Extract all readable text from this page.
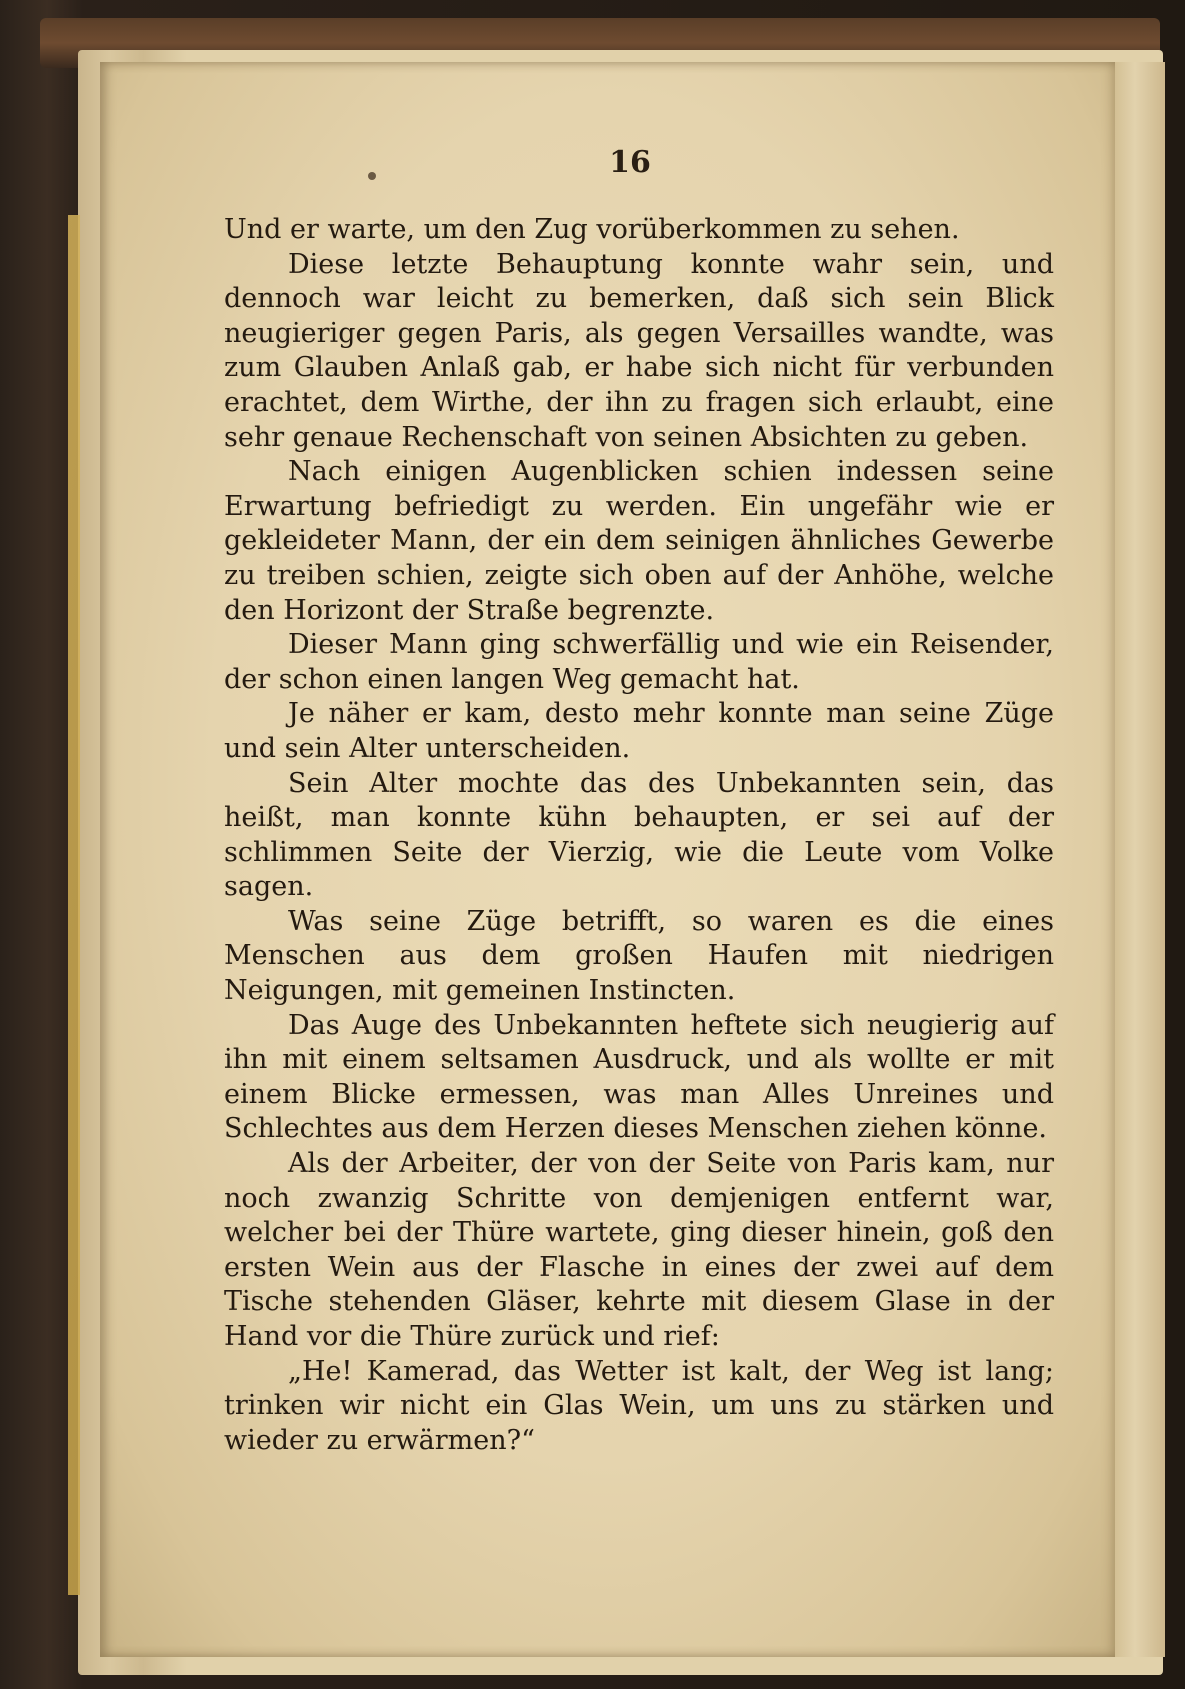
16

Und er warte, um den Zug vorüberkommen zu sehen.

Diese letzte Behauptung konnte wahr sein, und dennoch war leicht zu bemerken, daß sich sein Blick neugieriger gegen Paris, als gegen Versailles wandte, was zum Glauben Anlaß gab, er habe sich nicht für verbunden erachtet, dem Wirthe, der ihn zu fragen sich erlaubt, eine sehr genaue Rechenschaft von seinen Absichten zu geben.

Nach einigen Augenblicken schien indessen seine Erwartung befriedigt zu werden. Ein ungefähr wie er gekleideter Mann, der ein dem seinigen ähnliches Gewerbe zu treiben schien, zeigte sich oben auf der Anhöhe, welche den Horizont der Straße begrenzte.

Dieser Mann ging schwerfällig und wie ein Reisender, der schon einen langen Weg gemacht hat.

Je näher er kam, desto mehr konnte man seine Züge und sein Alter unterscheiden.

Sein Alter mochte das des Unbekannten sein, das heißt, man konnte kühn behaupten, er sei auf der schlimmen Seite der Vierzig, wie die Leute vom Volke sagen.

Was seine Züge betrifft, so waren es die eines Menschen aus dem großen Haufen mit niedrigen Neigungen, mit gemeinen Instincten.

Das Auge des Unbekannten heftete sich neugierig auf ihn mit einem seltsamen Ausdruck, und als wollte er mit einem Blicke ermessen, was man Alles Unreines und Schlechtes aus dem Herzen dieses Menschen ziehen könne.

Als der Arbeiter, der von der Seite von Paris kam, nur noch zwanzig Schritte von demjenigen entfernt war, welcher bei der Thüre wartete, ging dieser hinein, goß den ersten Wein aus der Flasche in eines der zwei auf dem Tische stehenden Gläser, kehrte mit diesem Glase in der Hand vor die Thüre zurück und rief:

„He! Kamerad, das Wetter ist kalt, der Weg ist lang; trinken wir nicht ein Glas Wein, um uns zu stärken und wieder zu erwärmen?“
